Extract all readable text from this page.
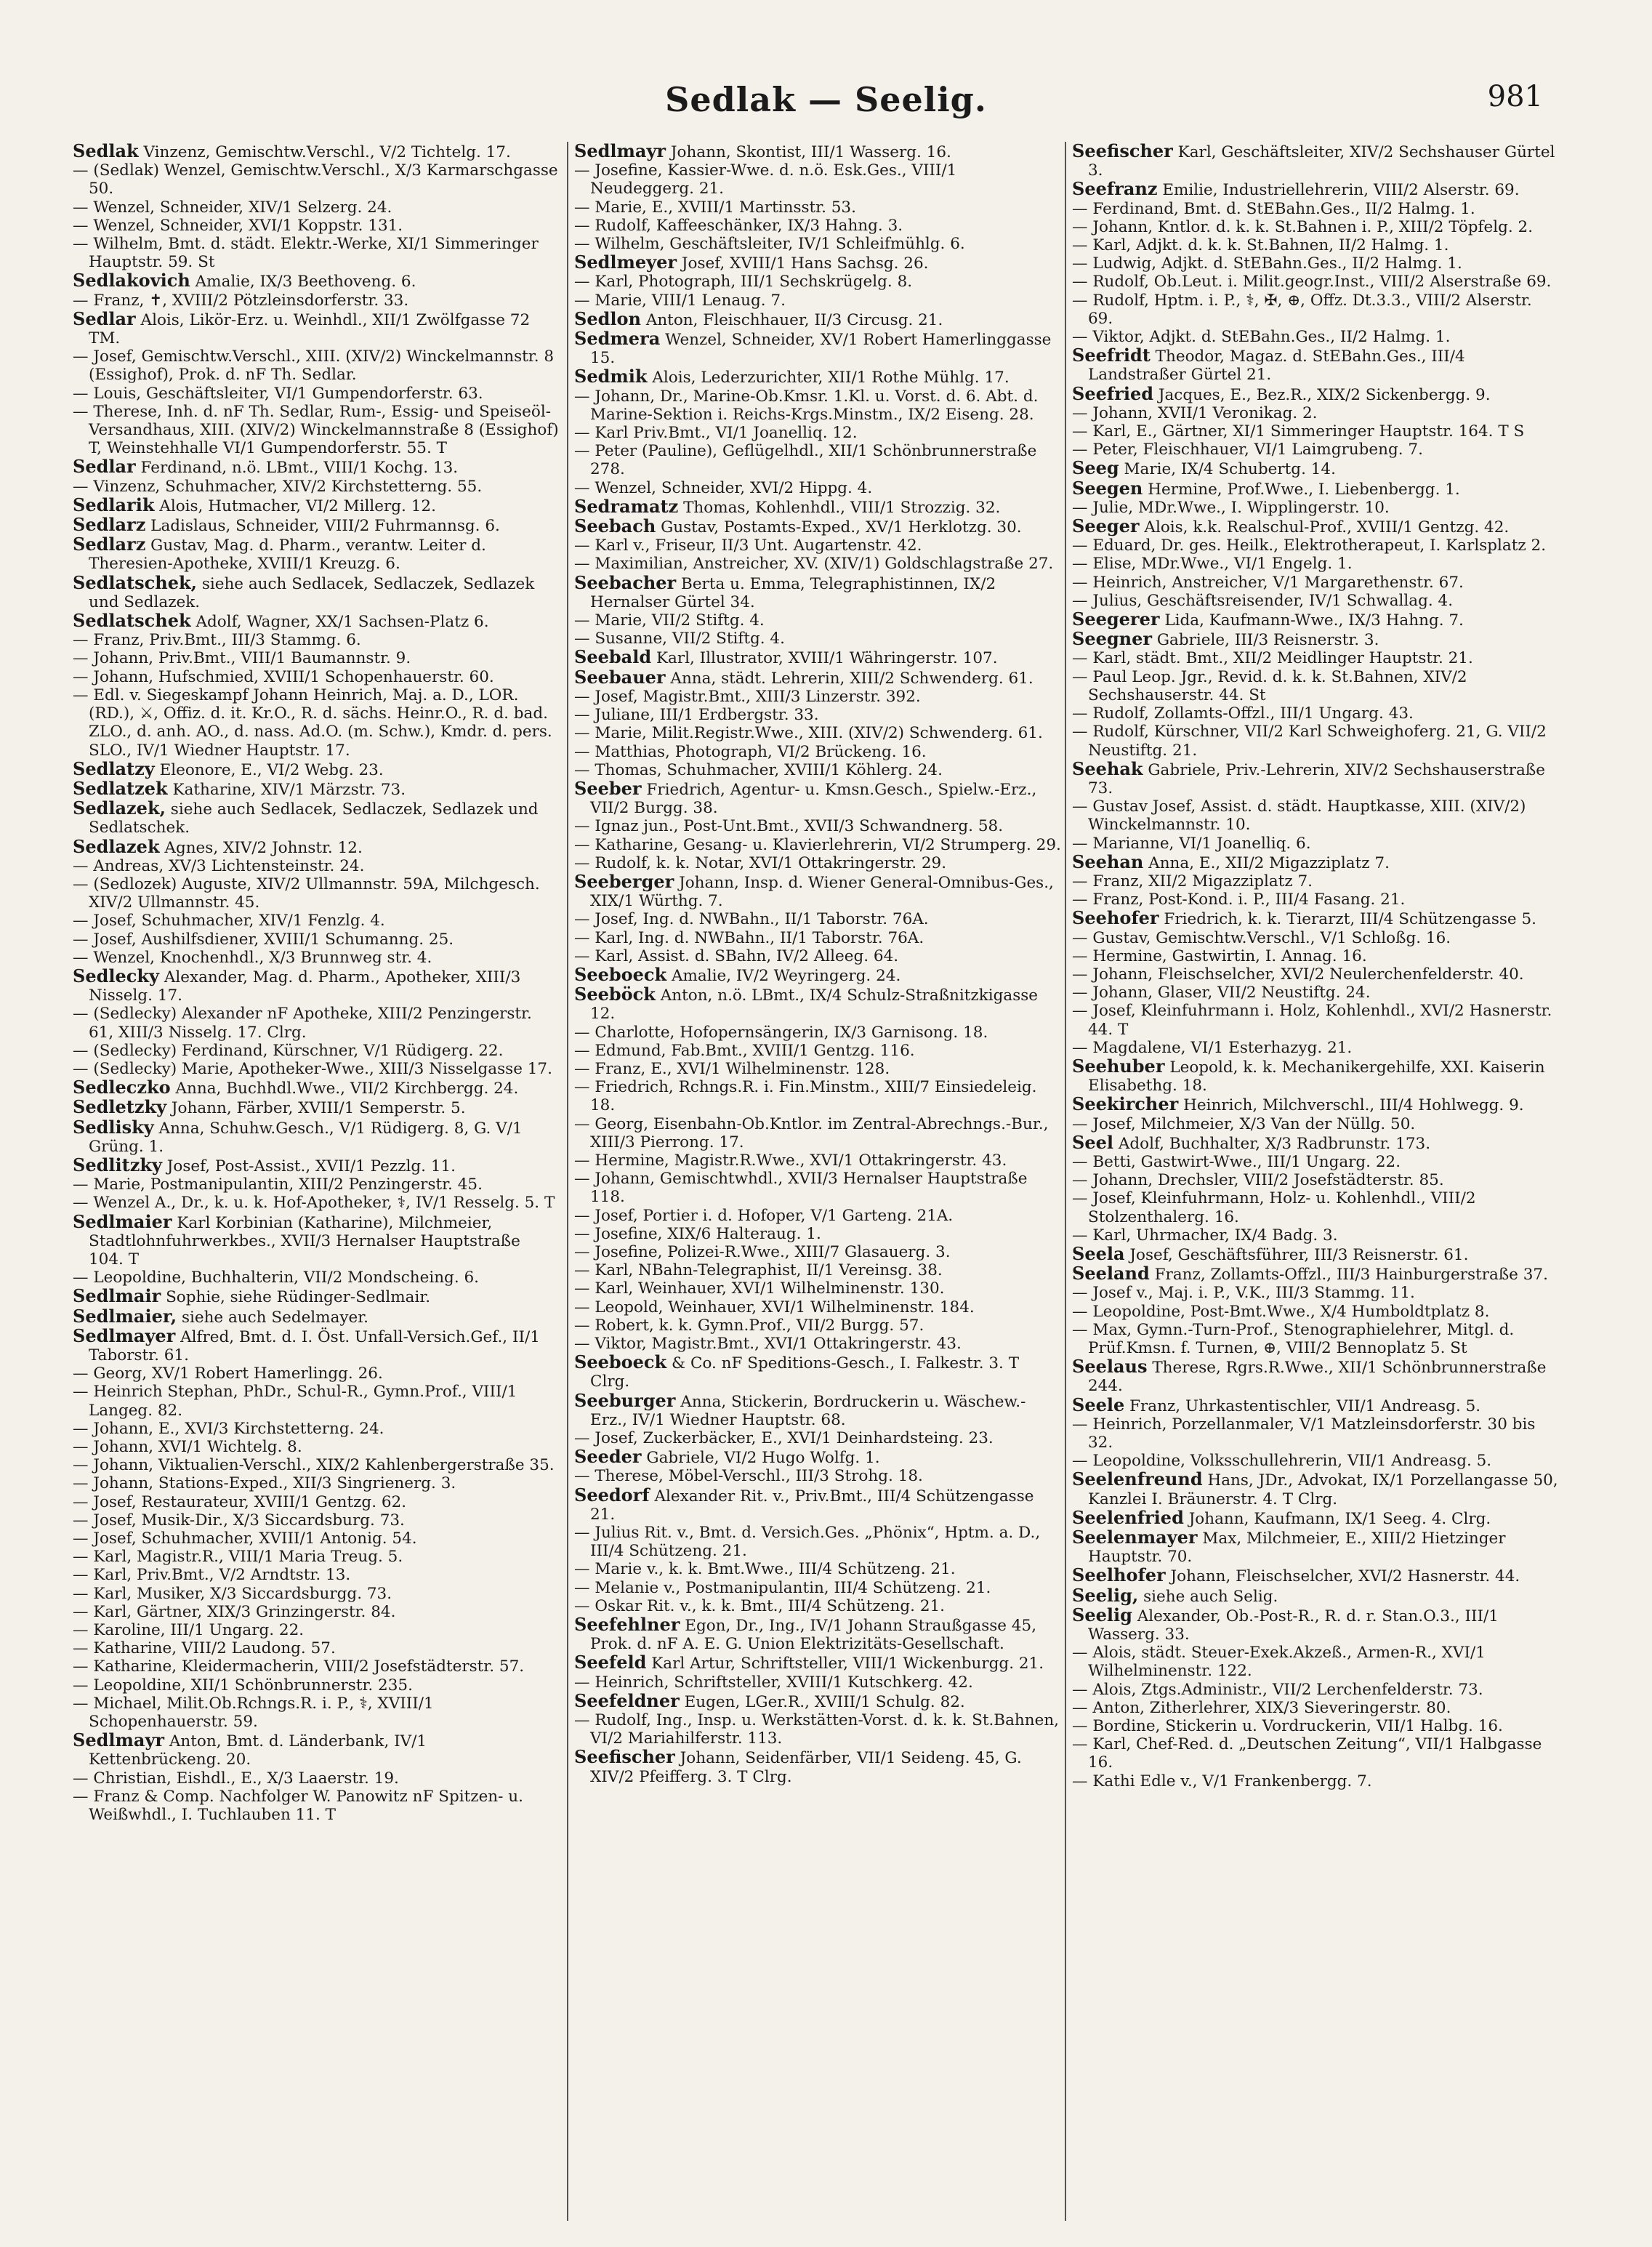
Sedlak — Seelig.	981

Sedlak Vinzenz, Gemischtw.Verschl., V/2 Tichtelg. 17.

— (Sedlak) Wenzel, Gemischtw.Verschl., X/3 Karmarschgasse 50.

— Wenzel, Schneider, XIV/1 Selzerg. 24.

— Wenzel, Schneider, XVI/1 Koppstr. 131.

— Wilhelm, Bmt. d. städt. Elektr.-Werke, XI/1 Simmeringer Hauptstr. 59. St

Sedlakovich Amalie, IX/3 Beethoveng. 6.

— Franz, ✝, XVIII/2 Pötzleinsdorferstr. 33.

Sedlar Alois, Likör-Erz. u. Weinhdl., XII/1 Zwölfgasse 72 TM.

— Josef, Gemischtw.Verschl., XIII. (XIV/2) Winckelmannstr. 8 (Essighof), Prok. d. nF Th. Sedlar.

— Louis, Geschäftsleiter, VI/1 Gumpendorferstr. 63.

— Therese, Inh. d. nF Th. Sedlar, Rum-, Essig- und Speiseöl-Versandhaus, XIII. (XIV/2) Winckelmannstraße 8 (Essighof) T, Weinstehhalle VI/1 Gumpendorferstr. 55. T

Sedlar Ferdinand, n.ö. LBmt., VIII/1 Kochg. 13.

— Vinzenz, Schuhmacher, XIV/2 Kirchstetterng. 55.

Sedlarik Alois, Hutmacher, VI/2 Millerg. 12.

Sedlarz Ladislaus, Schneider, VIII/2 Fuhrmannsg. 6.

Sedlarz Gustav, Mag. d. Pharm., verantw. Leiter d. Theresien-Apotheke, XVIII/1 Kreuzg. 6.

Sedlatschek, siehe auch Sedlacek, Sedlaczek, Sedlazek und Sedlazek.

Sedlatschek Adolf, Wagner, XX/1 Sachsen-Platz 6.

— Franz, Priv.Bmt., III/3 Stammg. 6.

— Johann, Priv.Bmt., VIII/1 Baumannstr. 9.

— Johann, Hufschmied, XVIII/1 Schopenhauerstr. 60.

— Edl. v. Siegeskampf Johann Heinrich, Maj. a. D., LOR. (RD.), ⚔, Offiz. d. it. Kr.O., R. d. sächs. Heinr.O., R. d. bad. ZLO., d. anh. AO., d. nass. Ad.O. (m. Schw.), Kmdr. d. pers. SLO., IV/1 Wiedner Hauptstr. 17.

Sedlatzy Eleonore, E., VI/2 Webg. 23.

Sedlatzek Katharine, XIV/1 Märzstr. 73.

Sedlazek, siehe auch Sedlacek, Sedlaczek, Sedlazek und Sedlatschek.

Sedlazek Agnes, XIV/2 Johnstr. 12.

— Andreas, XV/3 Lichtensteinstr. 24.

— (Sedlozek) Auguste, XIV/2 Ullmannstr. 59A, Milchgesch. XIV/2 Ullmannstr. 45.

— Josef, Schuhmacher, XIV/1 Fenzlg. 4.

— Josef, Aushilfsdiener, XVIII/1 Schumanng. 25.

— Wenzel, Knochenhdl., X/3 Brunnweg str. 4.

Sedlecky Alexander, Mag. d. Pharm., Apotheker, XIII/3 Nisselg. 17.

— (Sedlecky) Alexander nF Apotheke, XIII/2 Penzingerstr. 61, XIII/3 Nisselg. 17. Clrg.

— (Sedlecky) Ferdinand, Kürschner, V/1 Rüdigerg. 22.

— (Sedlecky) Marie, Apotheker-Wwe., XIII/3 Nisselgasse 17.

Sedleczko Anna, Buchhdl.Wwe., VII/2 Kirchbergg. 24.

Sedletzky Johann, Färber, XVIII/1 Semperstr. 5.

Sedlisky Anna, Schuhw.Gesch., V/1 Rüdigerg. 8, G. V/1 Grüng. 1.

Sedlitzky Josef, Post-Assist., XVII/1 Pezzlg. 11.

— Marie, Postmanipulantin, XIII/2 Penzingerstr. 45.

— Wenzel A., Dr., k. u. k. Hof-Apotheker, ⚕, IV/1 Resselg. 5. T

Sedlmaier Karl Korbinian (Katharine), Milchmeier, Stadtlohnfuhrwerkbes., XVII/3 Hernalser Hauptstraße 104. T

— Leopoldine, Buchhalterin, VII/2 Mondscheing. 6.

Sedlmair Sophie, siehe Rüdinger-Sedlmair.

Sedlmaier, siehe auch Sedelmayer.

Sedlmayer Alfred, Bmt. d. I. Öst. Unfall-Versich.Gef., II/1 Taborstr. 61.

— Georg, XV/1 Robert Hamerlingg. 26.

— Heinrich Stephan, PhDr., Schul-R., Gymn.Prof., VIII/1 Langeg. 82.

— Johann, E., XVI/3 Kirchstetterng. 24.

— Johann, XVI/1 Wichtelg. 8.

— Johann, Viktualien-Verschl., XIX/2 Kahlenbergerstraße 35.

— Johann, Stations-Exped., XII/3 Singrienerg. 3.

— Josef, Restaurateur, XVIII/1 Gentzg. 62.

— Josef, Musik-Dir., X/3 Siccardsburg. 73.

— Josef, Schuhmacher, XVIII/1 Antonig. 54.

— Karl, Magistr.R., VIII/1 Maria Treug. 5.

— Karl, Priv.Bmt., V/2 Arndtstr. 13.

— Karl, Musiker, X/3 Siccardsburgg. 73.

— Karl, Gärtner, XIX/3 Grinzingerstr. 84.

— Karoline, III/1 Ungarg. 22.

— Katharine, VIII/2 Laudong. 57.

— Katharine, Kleidermacherin, VIII/2 Josefstädterstr. 57.

— Leopoldine, XII/1 Schönbrunnerstr. 235.

— Michael, Milit.Ob.Rchngs.R. i. P., ⚕, XVIII/1 Schopenhauerstr. 59.

Sedlmayr Anton, Bmt. d. Länderbank, IV/1 Kettenbrückeng. 20.

— Christian, Eishdl., E., X/3 Laaerstr. 19.

— Franz & Comp. Nachfolger W. Panowitz nF Spitzen- u. Weißwhdl., I. Tuchlauben 11. T

Sedlmayr Johann, Skontist, III/1 Wasserg. 16.

— Josefine, Kassier-Wwe. d. n.ö. Esk.Ges., VIII/1 Neudeggerg. 21.

— Marie, E., XVIII/1 Martinsstr. 53.

— Rudolf, Kaffeeschänker, IX/3 Hahng. 3.

— Wilhelm, Geschäftsleiter, IV/1 Schleifmühlg. 6.

Sedlmeyer Josef, XVIII/1 Hans Sachsg. 26.

— Karl, Photograph, III/1 Sechskrügelg. 8.

— Marie, VIII/1 Lenaug. 7.

Sedlon Anton, Fleischhauer, II/3 Circusg. 21.

Sedmera Wenzel, Schneider, XV/1 Robert Hamerlinggasse 15.

Sedmik Alois, Lederzurichter, XII/1 Rothe Mühlg. 17.

— Johann, Dr., Marine-Ob.Kmsr. 1.Kl. u. Vorst. d. 6. Abt. d. Marine-Sektion i. Reichs-Krgs.Minstm., IX/2 Eiseng. 28.

— Karl Priv.Bmt., VI/1 Joanelliq. 12.

— Peter (Pauline), Geflügelhdl., XII/1 Schönbrunnerstraße 278.

— Wenzel, Schneider, XVI/2 Hippg. 4.

Sedramatz Thomas, Kohlenhdl., VIII/1 Strozzig. 32.

Seebach Gustav, Postamts-Exped., XV/1 Herklotzg. 30.

— Karl v., Friseur, II/3 Unt. Augartenstr. 42.

— Maximilian, Anstreicher, XV. (XIV/1) Goldschlagstraße 27.

Seebacher Berta u. Emma, Telegraphistinnen, IX/2 Hernalser Gürtel 34.

— Marie, VII/2 Stiftg. 4.

— Susanne, VII/2 Stiftg. 4.

Seebald Karl, Illustrator, XVIII/1 Währingerstr. 107.

Seebauer Anna, städt. Lehrerin, XIII/2 Schwenderg. 61.

— Josef, Magistr.Bmt., XIII/3 Linzerstr. 392.

— Juliane, III/1 Erdbergstr. 33.

— Marie, Milit.Registr.Wwe., XIII. (XIV/2) Schwenderg. 61.

— Matthias, Photograph, VI/2 Brückeng. 16.

— Thomas, Schuhmacher, XVIII/1 Köhlerg. 24.

Seeber Friedrich, Agentur- u. Kmsn.Gesch., Spielw.-Erz., VII/2 Burgg. 38.

— Ignaz jun., Post-Unt.Bmt., XVII/3 Schwandnerg. 58.

— Katharine, Gesang- u. Klavierlehrerin, VI/2 Strumperg. 29.

— Rudolf, k. k. Notar, XVI/1 Ottakringerstr. 29.

Seeberger Johann, Insp. d. Wiener General-Omnibus-Ges., XIX/1 Würthg. 7.

— Josef, Ing. d. NWBahn., II/1 Taborstr. 76A.

— Karl, Ing. d. NWBahn., II/1 Taborstr. 76A.

— Karl, Assist. d. SBahn, IV/2 Alleeg. 64.

Seeboeck Amalie, IV/2 Weyringerg. 24.

Seeböck Anton, n.ö. LBmt., IX/4 Schulz-Straßnitzkigasse 12.

— Charlotte, Hofopernsängerin, IX/3 Garnisong. 18.

— Edmund, Fab.Bmt., XVIII/1 Gentzg. 116.

— Franz, E., XVI/1 Wilhelminenstr. 128.

— Friedrich, Rchngs.R. i. Fin.Minstm., XIII/7 Einsiedeleig. 18.

— Georg, Eisenbahn-Ob.Kntlor. im Zentral-Abrechngs.-Bur., XIII/3 Pierrong. 17.

— Hermine, Magistr.R.Wwe., XVI/1 Ottakringerstr. 43.

— Johann, Gemischtwhdl., XVII/3 Hernalser Hauptstraße 118.

— Josef, Portier i. d. Hofoper, V/1 Garteng. 21A.

— Josefine, XIX/6 Halteraug. 1.

— Josefine, Polizei-R.Wwe., XIII/7 Glasauerg. 3.

— Karl, NBahn-Telegraphist, II/1 Vereinsg. 38.

— Karl, Weinhauer, XVI/1 Wilhelminenstr. 130.

— Leopold, Weinhauer, XVI/1 Wilhelminenstr. 184.

— Robert, k. k. Gymn.Prof., VII/2 Burgg. 57.

— Viktor, Magistr.Bmt., XVI/1 Ottakringerstr. 43.

Seeboeck & Co. nF Speditions-Gesch., I. Falkestr. 3. T Clrg.

Seeburger Anna, Stickerin, Bordruckerin u. Wäschew.-Erz., IV/1 Wiedner Hauptstr. 68.

— Josef, Zuckerbäcker, E., XVI/1 Deinhardsteing. 23.

Seeder Gabriele, VI/2 Hugo Wolfg. 1.

— Therese, Möbel-Verschl., III/3 Strohg. 18.

Seedorf Alexander Rit. v., Priv.Bmt., III/4 Schützengasse 21.

— Julius Rit. v., Bmt. d. Versich.Ges. „Phönix“, Hptm. a. D., III/4 Schützeng. 21.

— Marie v., k. k. Bmt.Wwe., III/4 Schützeng. 21.

— Melanie v., Postmanipulantin, III/4 Schützeng. 21.

— Oskar Rit. v., k. k. Bmt., III/4 Schützeng. 21.

Seefehlner Egon, Dr., Ing., IV/1 Johann Straußgasse 45, Prok. d. nF A. E. G. Union Elektrizitäts-Gesellschaft.

Seefeld Karl Artur, Schriftsteller, VIII/1 Wickenburgg. 21.

— Heinrich, Schriftsteller, XVIII/1 Kutschkerg. 42.

Seefeldner Eugen, LGer.R., XVIII/1 Schulg. 82.

— Rudolf, Ing., Insp. u. Werkstätten-Vorst. d. k. k. St.Bahnen, VI/2 Mariahilferstr. 113.

Seefischer Johann, Seidenfärber, VII/1 Seideng. 45, G. XIV/2 Pfeifferg. 3. T Clrg.

Seefischer Karl, Geschäftsleiter, XIV/2 Sechshauser Gürtel 3.

Seefranz Emilie, Industriellehrerin, VIII/2 Alserstr. 69.

— Ferdinand, Bmt. d. StEBahn.Ges., II/2 Halmg. 1.

— Johann, Kntlor. d. k. k. St.Bahnen i. P., XIII/2 Töpfelg. 2.

— Karl, Adjkt. d. k. k. St.Bahnen, II/2 Halmg. 1.

— Ludwig, Adjkt. d. StEBahn.Ges., II/2 Halmg. 1.

— Rudolf, Ob.Leut. i. Milit.geogr.Inst., VIII/2 Alserstraße 69.

— Rudolf, Hptm. i. P., ⚕, ✠, ⊕, Offz. Dt.3.3., VIII/2 Alserstr. 69.

— Viktor, Adjkt. d. StEBahn.Ges., II/2 Halmg. 1.

Seefridt Theodor, Magaz. d. StEBahn.Ges., III/4 Landstraßer Gürtel 21.

Seefried Jacques, E., Bez.R., XIX/2 Sickenbergg. 9.

— Johann, XVII/1 Veronikag. 2.

— Karl, E., Gärtner, XI/1 Simmeringer Hauptstr. 164. T S

— Peter, Fleischhauer, VI/1 Laimgrubeng. 7.

Seeg Marie, IX/4 Schubertg. 14.

Seegen Hermine, Prof.Wwe., I. Liebenbergg. 1.

— Julie, MDr.Wwe., I. Wipplingerstr. 10.

Seeger Alois, k.k. Realschul-Prof., XVIII/1 Gentzg. 42.

— Eduard, Dr. ges. Heilk., Elektrotherapeut, I. Karlsplatz 2.

— Elise, MDr.Wwe., VI/1 Engelg. 1.

— Heinrich, Anstreicher, V/1 Margarethenstr. 67.

— Julius, Geschäftsreisender, IV/1 Schwallag. 4.

Seegerer Lida, Kaufmann-Wwe., IX/3 Hahng. 7.

Seegner Gabriele, III/3 Reisnerstr. 3.

— Karl, städt. Bmt., XII/2 Meidlinger Hauptstr. 21.

— Paul Leop. Jgr., Revid. d. k. k. St.Bahnen, XIV/2 Sechshauserstr. 44. St

— Rudolf, Zollamts-Offzl., III/1 Ungarg. 43.

— Rudolf, Kürschner, VII/2 Karl Schweighoferg. 21, G. VII/2 Neustiftg. 21.

Seehak Gabriele, Priv.-Lehrerin, XIV/2 Sechshauserstraße 73.

— Gustav Josef, Assist. d. städt. Hauptkasse, XIII. (XIV/2) Winckelmannstr. 10.

— Marianne, VI/1 Joanelliq. 6.

Seehan Anna, E., XII/2 Migazziplatz 7.

— Franz, XII/2 Migazziplatz 7.

— Franz, Post-Kond. i. P., III/4 Fasang. 21.

Seehofer Friedrich, k. k. Tierarzt, III/4 Schützengasse 5.

— Gustav, Gemischtw.Verschl., V/1 Schloßg. 16.

— Hermine, Gastwirtin, I. Annag. 16.

— Johann, Fleischselcher, XVI/2 Neulerchenfelderstr. 40.

— Johann, Glaser, VII/2 Neustiftg. 24.

— Josef, Kleinfuhrmann i. Holz, Kohlenhdl., XVI/2 Hasnerstr. 44. T

— Magdalene, VI/1 Esterhazyg. 21.

Seehuber Leopold, k. k. Mechanikergehilfe, XXI. Kaiserin Elisabethg. 18.

Seekircher Heinrich, Milchverschl., III/4 Hohlwegg. 9.

— Josef, Milchmeier, X/3 Van der Nüllg. 50.

Seel Adolf, Buchhalter, X/3 Radbrunstr. 173.

— Betti, Gastwirt-Wwe., III/1 Ungarg. 22.

— Johann, Drechsler, VIII/2 Josefstädterstr. 85.

— Josef, Kleinfuhrmann, Holz- u. Kohlenhdl., VIII/2 Stolzenthalerg. 16.

— Karl, Uhrmacher, IX/4 Badg. 3.

Seela Josef, Geschäftsführer, III/3 Reisnerstr. 61.

Seeland Franz, Zollamts-Offzl., III/3 Hainburgerstraße 37.

— Josef v., Maj. i. P., V.K., III/3 Stammg. 11.

— Leopoldine, Post-Bmt.Wwe., X/4 Humboldtplatz 8.

— Max, Gymn.-Turn-Prof., Stenographielehrer, Mitgl. d. Prüf.Kmsn. f. Turnen, ⊕, VIII/2 Bennoplatz 5. St

Seelaus Therese, Rgrs.R.Wwe., XII/1 Schönbrunnerstraße 244.

Seele Franz, Uhrkastentischler, VII/1 Andreasg. 5.

— Heinrich, Porzellanmaler, V/1 Matzleinsdorferstr. 30 bis 32.

— Leopoldine, Volksschullehrerin, VII/1 Andreasg. 5.

Seelenfreund Hans, JDr., Advokat, IX/1 Porzellangasse 50, Kanzlei I. Bräunerstr. 4. T Clrg.

Seelenfried Johann, Kaufmann, IX/1 Seeg. 4. Clrg.

Seelenmayer Max, Milchmeier, E., XIII/2 Hietzinger Hauptstr. 70.

Seelhofer Johann, Fleischselcher, XVI/2 Hasnerstr. 44.

Seelig, siehe auch Selig.

Seelig Alexander, Ob.-Post-R., R. d. r. Stan.O.3., III/1 Wasserg. 33.

— Alois, städt. Steuer-Exek.Akzeß., Armen-R., XVI/1 Wilhelminenstr. 122.

— Alois, Ztgs.Administr., VII/2 Lerchenfelderstr. 73.

— Anton, Zitherlehrer, XIX/3 Sieveringerstr. 80.

— Bordine, Stickerin u. Vordruckerin, VII/1 Halbg. 16.

— Karl, Chef-Red. d. „Deutschen Zeitung“, VII/1 Halbgasse 16.

— Kathi Edle v., V/1 Frankenbergg. 7.
